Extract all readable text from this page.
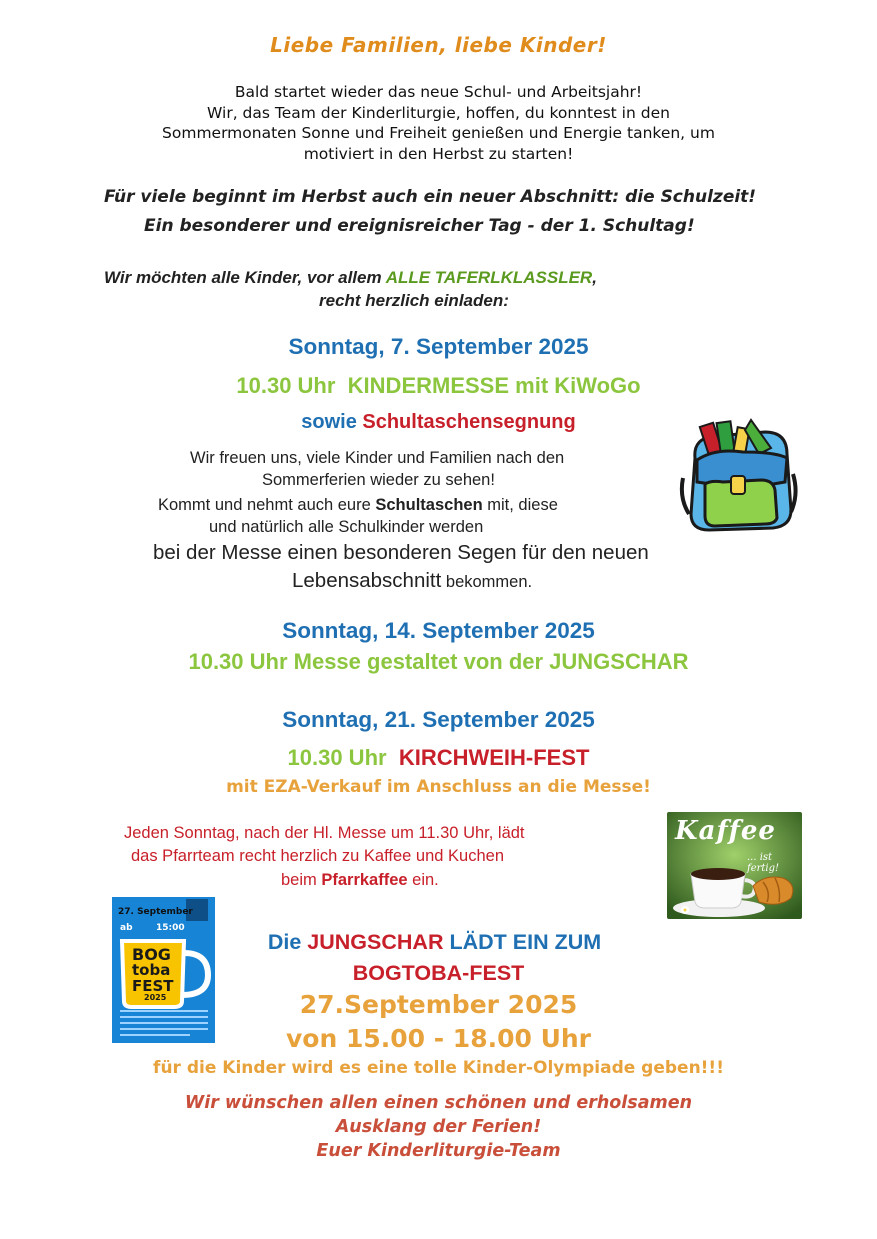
Liebe Familien, liebe Kinder!
Bald startet wieder das neue Schul- und Arbeitsjahr!
Wir, das Team der Kinderliturgie, hoffen, du konntest in den
Sommermonaten Sonne und Freiheit genießen und Energie tanken, um
motiviert in den Herbst zu starten!
Für viele beginnt im Herbst auch ein neuer Abschnitt: die Schulzeit!
Ein besonderer und ereignisreicher Tag - der 1. Schultag!
Wir möchten alle Kinder, vor allem ALLE TAFERLKLASSLER,
recht herzlich einladen:
Sonntag, 7. September 2025
10.30 Uhr KINDERMESSE mit KiWoGo
sowie Schultaschensegnung
Wir freuen uns, viele Kinder und Familien nach den
Sommerferien wieder zu sehen!
Kommt und nehmt auch eure Schultaschen mit, diese
und natürlich alle Schulkinder werden
bei der Messe einen besonderen Segen für den neuen
Lebensabschnitt bekommen.
Sonntag, 14. September 2025
10.30 Uhr Messe gestaltet von der JUNGSCHAR
Sonntag, 21. September 2025
10.30 Uhr KIRCHWEIH-FEST
mit EZA-Verkauf im Anschluss an die Messe!
Jeden Sonntag, nach der Hl. Messe um 11.30 Uhr, lädt
das Pfarrteam recht herzlich zu Kaffee und Kuchen
beim Pfarrkaffee ein.
Kaffee
... ist fertig!
27. September
ab	15:00
BOG
toba
FEST
2025
Die JUNGSCHAR LÄDT EIN ZUM
BOGTOBA-FEST
27.September 2025
von 15.00 - 18.00 Uhr
für die Kinder wird es eine tolle Kinder-Olympiade geben!!!
Wir wünschen allen einen schönen und erholsamen
Ausklang der Ferien!
Euer Kinderliturgie-Team
